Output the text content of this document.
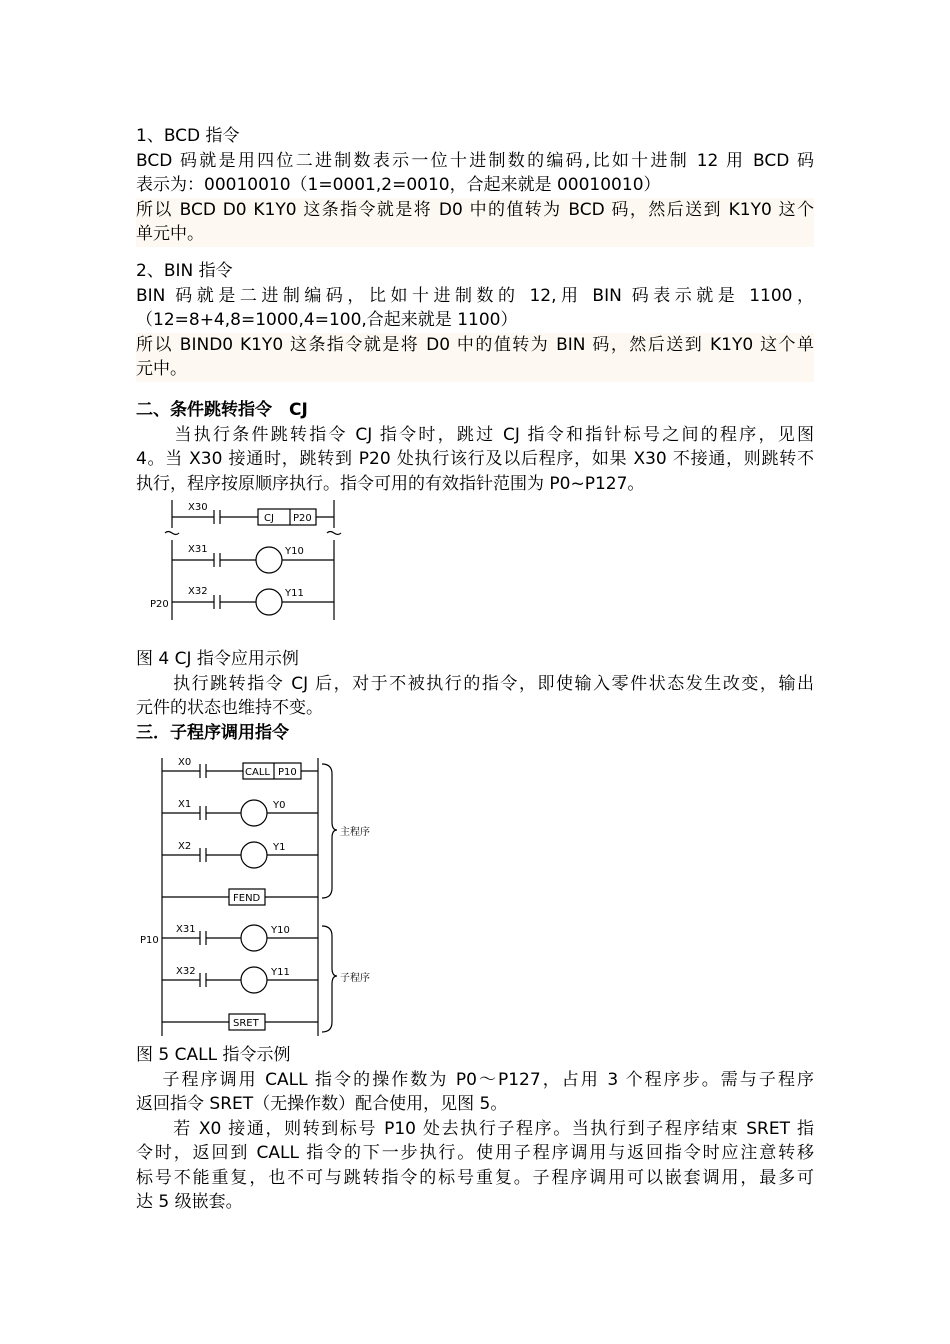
1、BCD 指令
BCD 码就是用四位二进制数表示一位十进制数的编码,比如十进制 12 用 BCD 码
表示为：00010010（1=0001,2=0010，合起来就是 00010010）
所以 BCD D0 K1Y0 这条指令就是将 D0 中的值转为 BCD 码，然后送到 K1Y0 这个
单元中。
2、BIN 指令
BIN 码就是二进制编码，比如十进制数的 12,用 BIN 码表示就是 1100，
（12=8+4,8=1000,4=100,合起来就是 1100）
所以 BIND0 K1Y0 这条指令就是将 D0 中的值转为 BIN 码，然后送到 K1Y0 这个单
元中。
二、条件跳转指令　CJ
　　当执行条件跳转指令 CJ 指令时，跳过 CJ 指令和指针标号之间的程序，见图
4。当 X30 接通时，跳转到 P20 处执行该行及以后程序，如果 X30 不接通，则跳转不
执行，程序按原顺序执行。指令可用的有效指针范围为 P0~P127。
X30
CJ P20
X31	Y10
X32	Y11
P20
图 4 CJ 指令应用示例
　　执行跳转指令 CJ 后，对于不被执行的指令，即使输入零件状态发生改变，输出
元件的状态也维持不变。
三．子程序调用指令
X0
CALL P10
X1	Y0
X2	Y1
FEND
X31	Y10
X32	Y11
SRET
P10
主程序
子程序
图 5 CALL 指令示例
　 子程序调用 CALL 指令的操作数为 P0～P127，占用 3 个程序步。需与子程序
返回指令 SRET（无操作数）配合使用，见图 5。
　　若 X0 接通，则转到标号 P10 处去执行子程序。当执行到子程序结束 SRET 指
令时，返回到 CALL 指令的下一步执行。使用子程序调用与返回指令时应注意转移
标号不能重复，也不可与跳转指令的标号重复。子程序调用可以嵌套调用，最多可
达 5 级嵌套。
